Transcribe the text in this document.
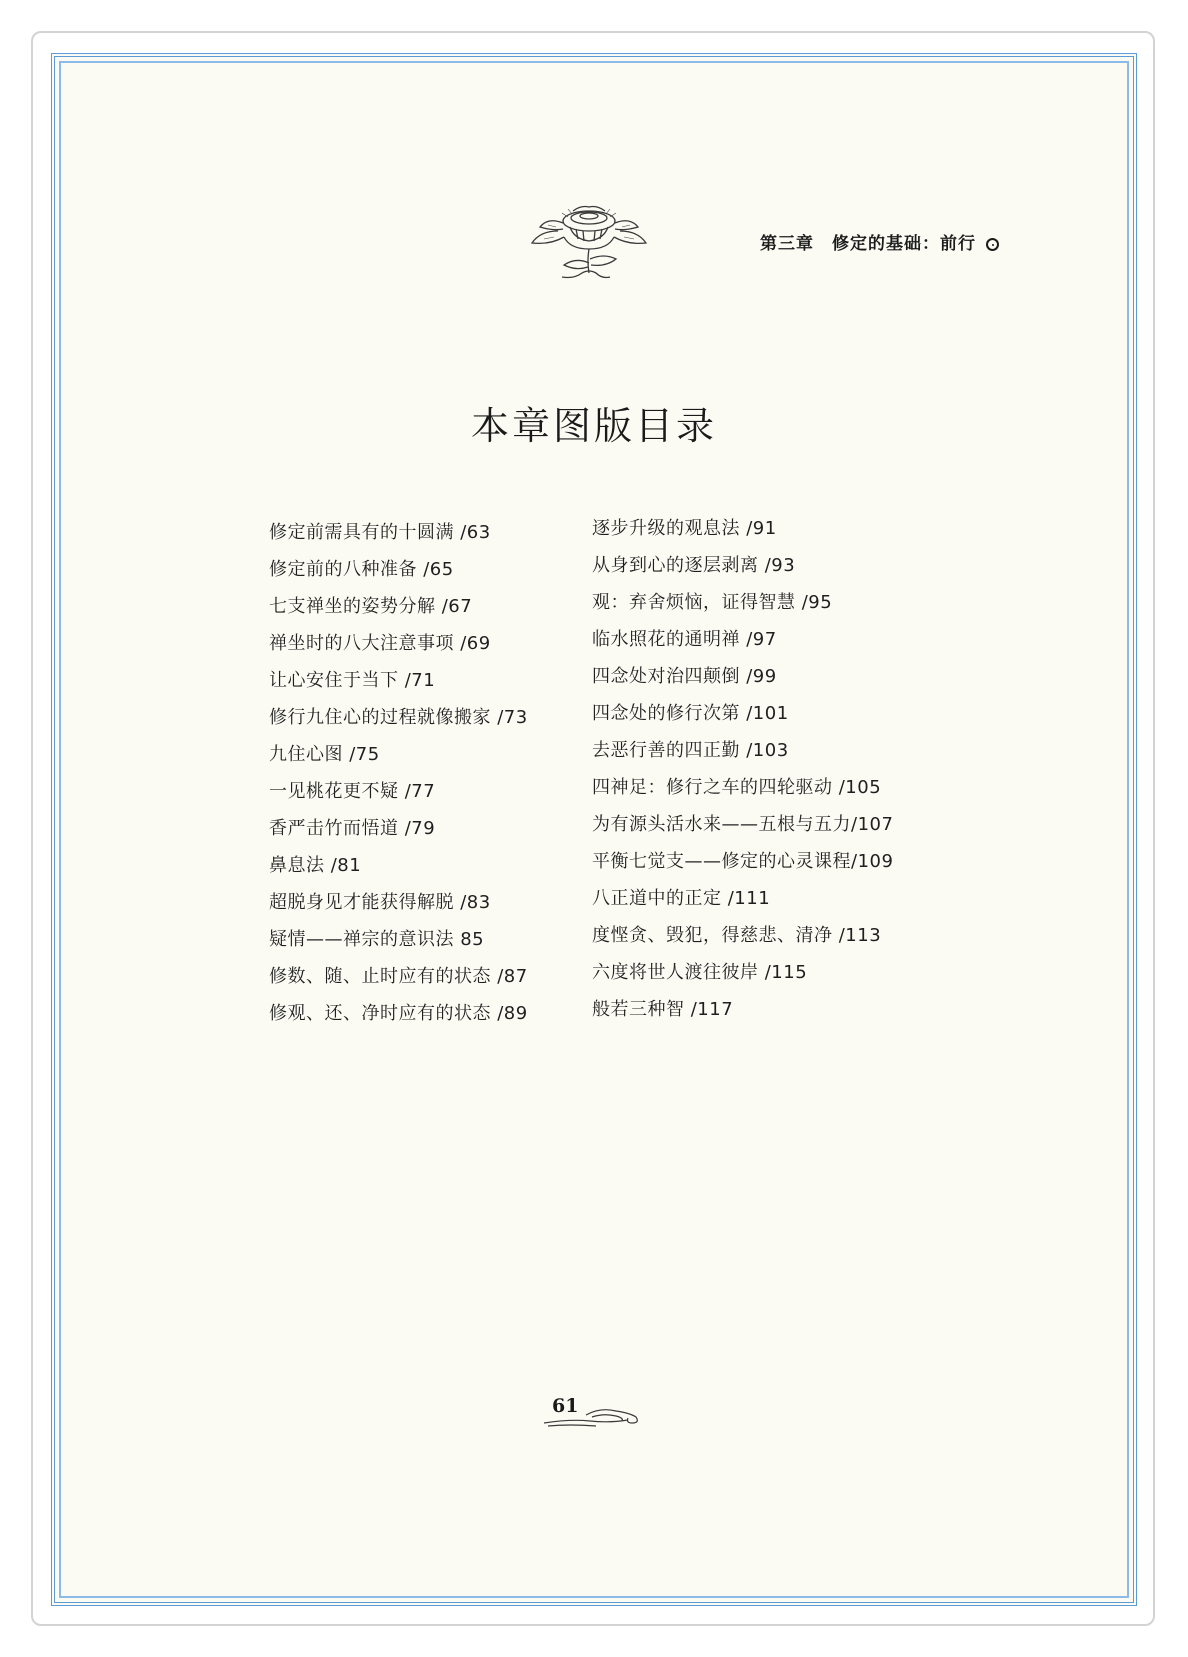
第三章 修定的基础：前行
本章图版目录
修定前需具有的十圆满 /63
修定前的八种准备 /65
七支禅坐的姿势分解 /67
禅坐时的八大注意事项 /69
让心安住于当下 /71
修行九住心的过程就像搬家 /73
九住心图 /75
一见桃花更不疑 /77
香严击竹而悟道 /79
鼻息法 /81
超脱身见才能获得解脱 /83
疑情——禅宗的意识法 85
修数、随、止时应有的状态 /87
修观、还、净时应有的状态 /89
逐步升级的观息法 /91
从身到心的逐层剥离 /93
观：弃舍烦恼，证得智慧 /95
临水照花的通明禅 /97
四念处对治四颠倒 /99
四念处的修行次第 /101
去恶行善的四正勤 /103
四神足：修行之车的四轮驱动 /105
为有源头活水来——五根与五力/107
平衡七觉支——修定的心灵课程/109
八正道中的正定 /111
度悭贪、毁犯，得慈悲、清净 /113
六度将世人渡往彼岸 /115
般若三种智 /117
61
